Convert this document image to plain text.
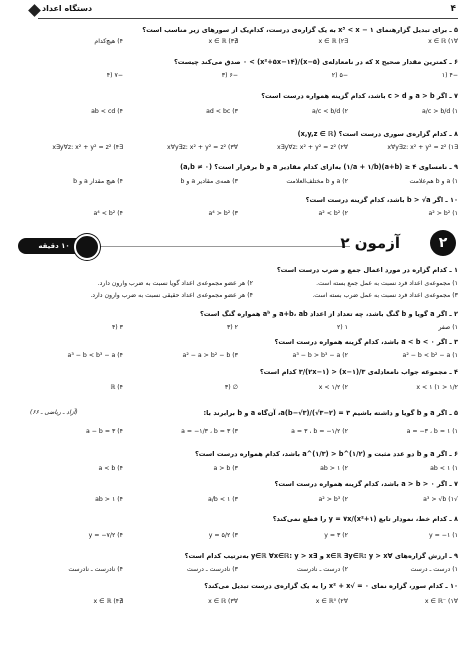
دستگاه اعداد	۴
۵ ـ برای تبدیل گزارهنمای x³ < x − ۱ به یک گزاره‌ی درست، کدام‌یک از سورهای زیر مناسب است؟
∀x ∈ ℝ (۱
∃x ∈ ℝ (۲
∄x ∈ ℝ (۳
۴) هیچ‌کدام
۶ ـ کمترین مقدار صحیح x که در نامعادله‌ی (x−۵)/(x²+۵x−۱۴) > ۰ صدق می‌کند چیست؟
−۴ (۱
−۵ (۲
−۶ (۳
−۷ (۴
۷ ـ اگر a > b و c > d باشد، کدام گزینه همواره درست است؟
a/c > b/d (۱
a/c < b/d (۲
ad < bc (۳
ab < cd (۴
۸ ـ کدام گزاره‌ی سوری درست است؟ (x,y,z ∈ ℝ)
∃x∀y∃z: x² + y² = z² (۱
∀x∃y∀z: x² + y² = z² (۲
∀x∀y∃z: x² + y² = z² (۳
∃x∃y∀z: x² + y² = z² (۴
۹ ـ نامساوی ۴ ≤ (a+b)(۱/a + ۱/b) به‌ازای کدام مقادیر a و b برقرار است؟ (a,b ≠ ۰)
a (۱ و b هم‌علامت
a (۲ و b مختلف‌العلامت
۳) همه‌ی مقادیر a و b
۴) هیچ مقدار a و b
۱۰ ـ اگر b > √a باشد، کدام گزینه درست است؟
a² > b² (۱
a² < b² (۲
a⁴ > b² (۳
a⁴ < b² (۴
۱۰ دقیقه	آزمون ۲	۲
۱ ـ کدام گزاره در مورد اعمال جمع و ضرب درست است؟
۱) مجموعه‌ی اعداد فرد نسبت به عمل جمع بسته است.
۲) هر عضو مجموعه‌ی اعداد گویا نسبت به ضرب وارون دارد.
۳) مجموعه‌ی اعداد فرد نسبت به عمل ضرب بسته است.
۴) هر عضو مجموعه‌ی اعداد حقیقی نسبت به ضرب وارون دارد.
۲ ـ اگر a گویا و b گنگ باشد، چه تعداد از اعداد a+b، ab و aᵇ همواره گنگ است؟
۱) صفر
۱ (۲
۲ (۳
۳ (۴
۳ ـ اگر a < b < ۰ باشد، کدام گزینه همواره درست است؟
a² − b < b² − a (۱
a³ − b > b³ − a (۲
a² − a > b² − b (۳
a³ − b < b³ − a (۴
۴ ـ مجموعه جواب نامعادله‌ی ۳/(x−۱) < ۳/(۲x−۱) کدام است؟
۱/۲ < x < ۱ (۱
x < ۱/۲ (۲
∅ (۳
ℝ (۴
۵ ـ اگر a و b گویا و داشته باشیم a(b−√۳)/(√۳−۲) = ۳، آن‌گاه a و b برابرند با:
(آزاد ـ ریاضی ـ ۶۶)
a = −۳ ، b = ۱ (۱
a = ۳ ، b = −۱/۲ (۲
a = −۱/۳ ، b = ۳ (۳
a − b = ۳ (۴
۶ ـ اگر a و b دو عدد مثبت و a^(۱/۳) > b^(۱/۲) باشد، کدام همواره درست است؟
ab < ۱ (۱
ab > ۱ (۲
a > b (۳
a < b (۴
۷ ـ اگر a > b > ۰ باشد، کدام گزینه همواره درست است؟
√a³ > √b (۱
a² > b³ (۲
a/b < ۱ (۳
ab > ۱ (۴
۸ ـ کدام خط، نمودار تابع y = ۷x/(x²+۱) را قطع نمی‌کند؟
y = −۱ (۱
y = ۳ (۲
y = ۵/۲ (۳
y = −۷/۲ (۴
۹ ـ ارزش گزاره‌های ∀x∈ℝ ∃y∈ℝ: y > x و ∃y∈ℝ ∀x∈ℝ: y > x به‌ترتیب کدام است؟
۱) درست ـ درست
۲) درست ـ نادرست
۳) نادرست ـ درست
۴) نادرست ـ نادرست
۱۰ ـ کدام سور، گزاره نمای ۰ = √x² + x را به یک گزاره‌ی درست تبدیل می‌کند؟
∀x ∈ ℝ⁻ (۱
∀x ∈ ℝ⁰ (۲
∀x ∈ ℝ (۳
∄x ∈ ℝ (۴
